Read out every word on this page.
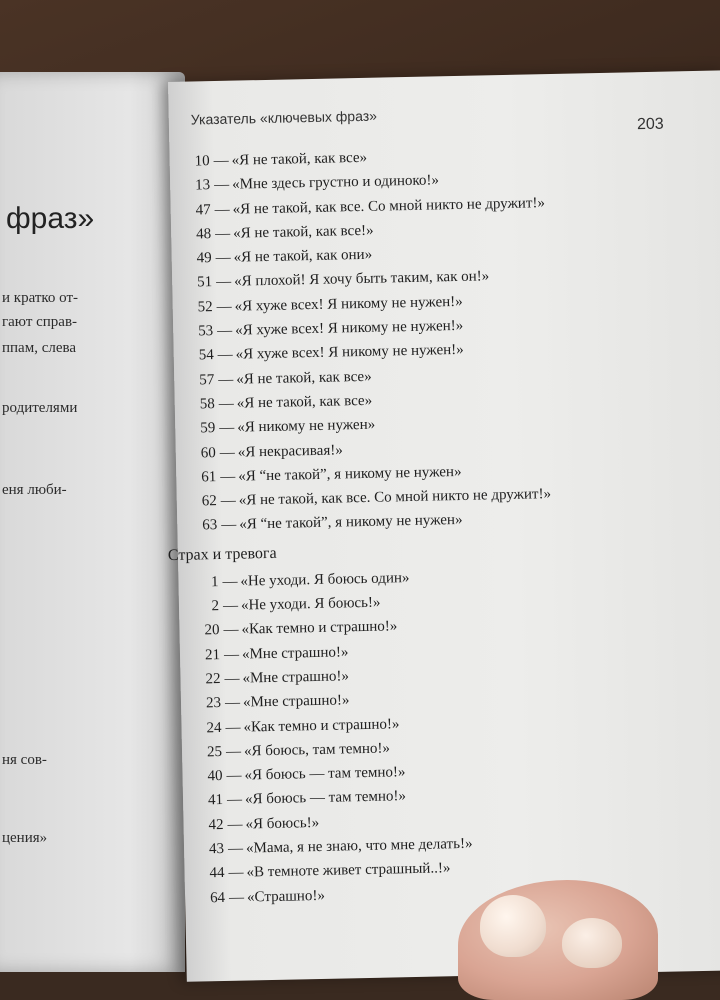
фраз»
и кратко от-
гают справ-
ппам, слева
родителями
еня люби-
ня сов-
цения»
Указатель «ключевых фраз»	203
10 — «Я не такой, как все»
13 — «Мне здесь грустно и одиноко!»
47 — «Я не такой, как все. Со мной никто не дружит!»
48 — «Я не такой, как все!»
49 — «Я не такой, как они»
51 — «Я плохой! Я хочу быть таким, как он!»
52 — «Я хуже всех! Я никому не нужен!»
53 — «Я хуже всех! Я никому не нужен!»
54 — «Я хуже всех! Я никому не нужен!»
57 — «Я не такой, как все»
58 — «Я не такой, как все»
59 — «Я никому не нужен»
60 — «Я некрасивая!»
61 — «Я “не такой”, я никому не нужен»
62 — «Я не такой, как все. Со мной никто не дружит!»
63 — «Я “не такой”, я никому не нужен»
Страх и тревога
1 — «Не уходи. Я боюсь один»
2 — «Не уходи. Я боюсь!»
20 — «Как темно и страшно!»
21 — «Мне страшно!»
22 — «Мне страшно!»
23 — «Мне страшно!»
24 — «Как темно и страшно!»
25 — «Я боюсь, там темно!»
40 — «Я боюсь — там темно!»
41 — «Я боюсь — там темно!»
42 — «Я боюсь!»
43 — «Мама, я не знаю, что мне делать!»
44 — «В темноте живет страшный..!»
64 — «Страшно!»
